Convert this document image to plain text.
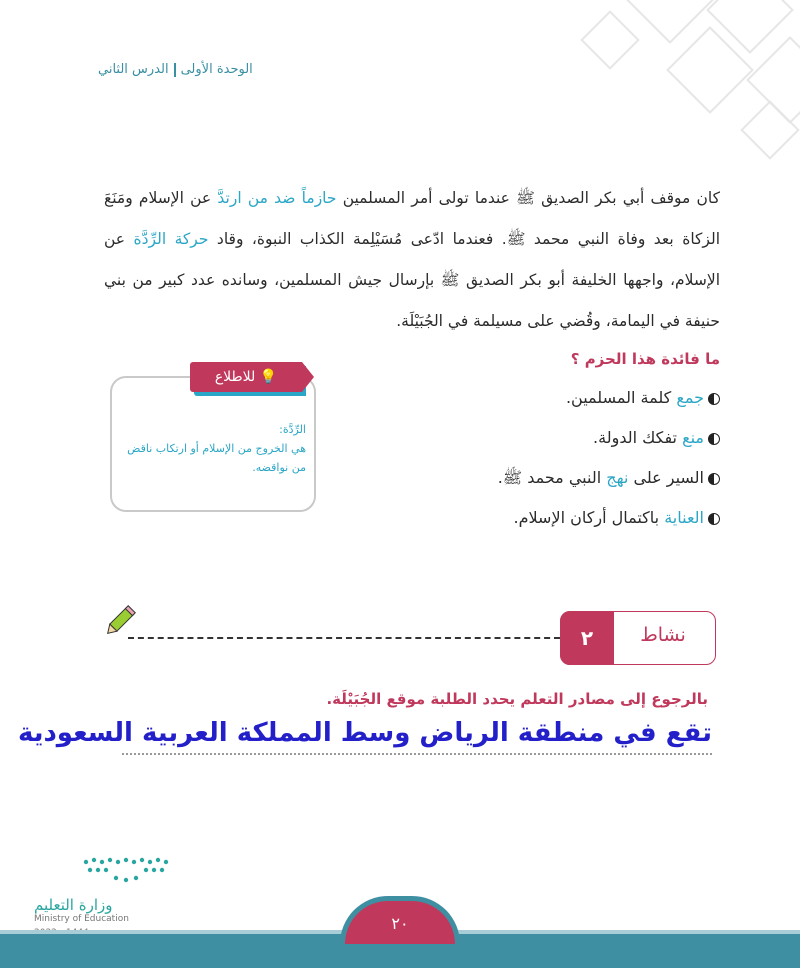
الوحدة الأولىالدرس الثاني
كان موقف أبي بكر الصديق ﷺ عندما تولى أمر المسلمين حازماً ضد من ارتدَّ عن الإسلام ومَنَعَ الزكاة بعد وفاة النبي محمد ﷺ. فعندما ادّعى مُسَيْلِمة الكذاب النبوة، وقاد حركة الرِّدَّة عن الإسلام، واجهها الخليفة أبو بكر الصديق ﷺ بإرسال جيش المسلمين، وسانده عدد كبير من بني حنيفة في اليمامة، وقُضي على مسيلمة في الجُبَيْلَة.
ما فائدة هذا الحزم ؟
جمع كلمة المسلمين.
منع تفكك الدولة.
السير على نهج النبي محمد ﷺ.
العناية باكتمال أركان الإسلام.
💡 للاطلاع
الرِّدَّة:
هي الخروج من الإسلام أو ارتكاب ناقض من نواقضه.
٢	نشاط
بالرجوع إلى مصادر التعلم يحدد الطلبة موقع الجُبَيْلَة.
تقع في منطقة الرياض وسط المملكة العربية السعودية
وزارة التعليم
Ministry of Education	٢٠
